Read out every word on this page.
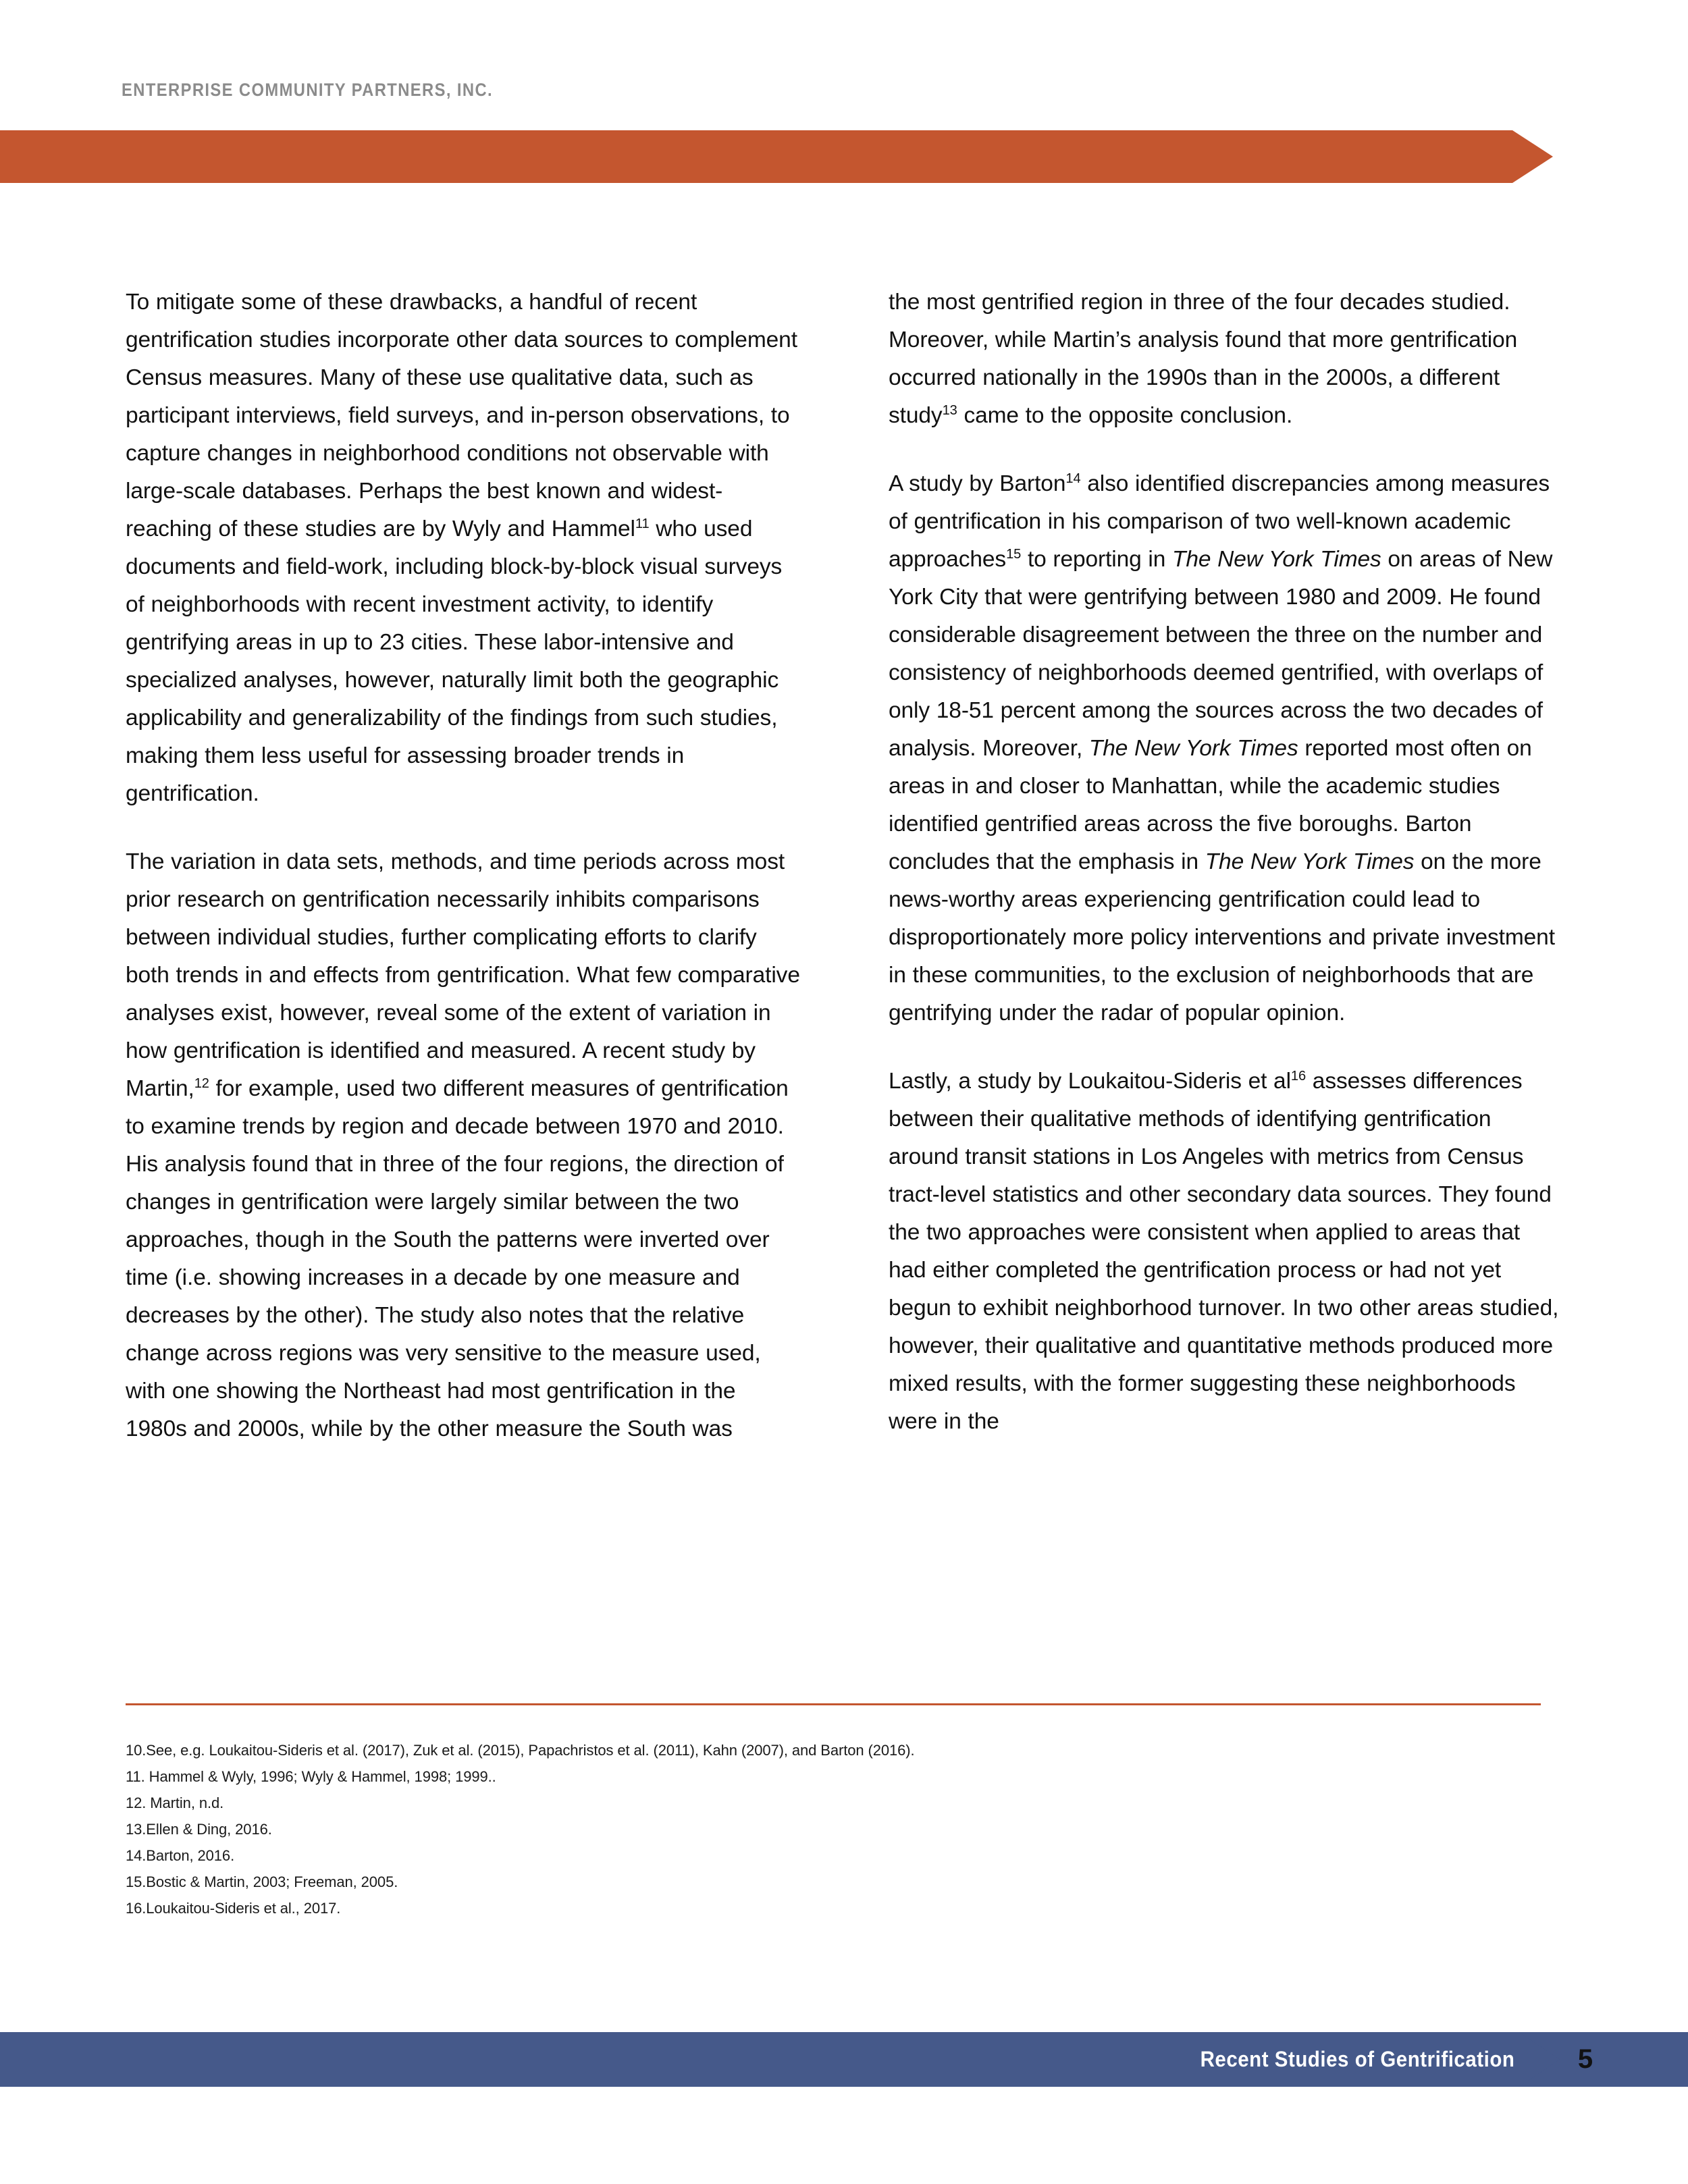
ENTERPRISE COMMUNITY PARTNERS, INC.

To mitigate some of these drawbacks, a handful of recent gentrification studies incorporate other data sources to complement Census measures. Many of these use qualitative data, such as participant interviews, field surveys, and in-person observations, to capture changes in neighborhood conditions not observable with large-scale databases. Perhaps the best known and widest-reaching of these studies are by Wyly and Hammel$^{11}$ who used documents and field-work, including block-by-block visual surveys of neighborhoods with recent investment activity, to identify gentrifying areas in up to 23 cities. These labor-intensive and specialized analyses, however, naturally limit both the geographic applicability and generalizability of the findings from such studies, making them less useful for assessing broader trends in gentrification.

The variation in data sets, methods, and time periods across most prior research on gentrification necessarily inhibits comparisons between individual studies, further complicating efforts to clarify both trends in and effects from gentrification. What few comparative analyses exist, however, reveal some of the extent of variation in how gentrification is identified and measured. A recent study by Martin,$^{12}$ for example, used two different measures of gentrification to examine trends by region and decade between 1970 and 2010. His analysis found that in three of the four regions, the direction of changes in gentrification were largely similar between the two approaches, though in the South the patterns were inverted over time (i.e. showing increases in a decade by one measure and decreases by the other). The study also notes that the relative change across regions was very sensitive to the measure used, with one showing the Northeast had most gentrification in the 1980s and 2000s, while by the other measure the South was

the most gentrified region in three of the four decades studied. Moreover, while Martin’s analysis found that more gentrification occurred nationally in the 1990s than in the 2000s, a different study$^{13}$ came to the opposite conclusion.

A study by Barton$^{14}$ also identified discrepancies among measures of gentrification in his comparison of two well-known academic approaches$^{15}$ to reporting in The New York Times on areas of New York City that were gentrifying between 1980 and 2009. He found considerable disagreement between the three on the number and consistency of neighborhoods deemed gentrified, with overlaps of only 18-51 percent among the sources across the two decades of analysis. Moreover, The New York Times reported most often on areas in and closer to Manhattan, while the academic studies identified gentrified areas across the five boroughs. Barton concludes that the emphasis in The New York Times on the more news-worthy areas experiencing gentrification could lead to disproportionately more policy interventions and private investment in these communities, to the exclusion of neighborhoods that are gentrifying under the radar of popular opinion.

Lastly, a study by Loukaitou-Sideris et $al^{16}$ assesses differences between their qualitative methods of identifying gentrification around transit stations in Los Angeles with metrics from Census tract-level statistics and other secondary data sources. They found the two approaches were consistent when applied to areas that had either completed the gentrification process or had not yet begun to exhibit neighborhood turnover. In two other areas studied, however, their qualitative and quantitative methods produced more mixed results, with the former suggesting these neighborhoods were in the

10.See, e.g. Loukaitou-Sideris et al. (2017), Zuk et al. (2015), Papachristos et al. (2011), Kahn (2007), and Barton (2016).
11. Hammel & Wyly, 1996; Wyly & Hammel, 1998; 1999..
12. Martin, n.d.
13.Ellen & Ding, 2016.
14.Barton, 2016.
15.Bostic & Martin, 2003; Freeman, 2005.
16.Loukaitou-Sideris et al., 2017.
Recent Studies of Gentrification	5
